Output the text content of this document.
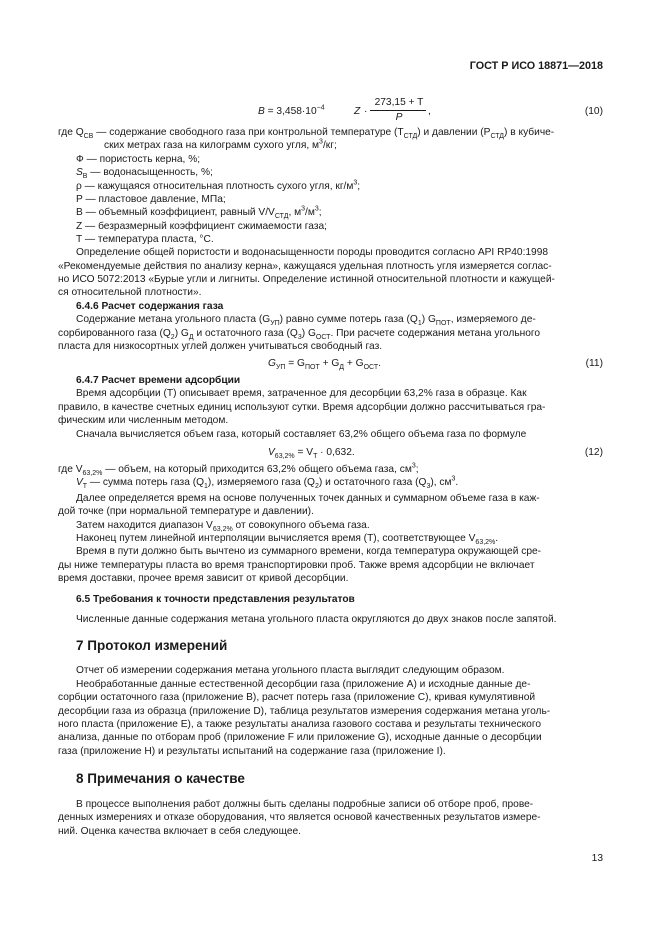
ГОСТ Р ИСО 18871—2018
$B = 3,458\cdot 10^{-4}$	Z ·
273,15 + T
P
,	(10)
где $Q_{СВ}$ — содержание свободного газа при контрольной температуре $(T_{СТД})$ и давлении $(P_{СТД})$ в кубиче-
ских метрах газа на килограмм сухого угля, $м^3/кг$;
Ф — пористость керна, %;
$S_В$ — водонасыщенность, %;
ρ — кажущаяся относительная плотность сухого угля, $кг/м^3$;
P — пластовое давление, МПа;
B — объемный коэффициент, равный $V/V_{СТД}$, $м^3/м^3$;
Z — безразмерный коэффициент сжимаемости газа;
T — температура пласта, °С.
Определение общей пористости и водонасыщенности породы проводится согласно API RP40:1998
«Рекомендуемые действия по анализу керна», кажущаяся удельная плотность угля измеряется соглас-
но ИСО 5072:2013 «Бурые угли и лигниты. Определение истинной относительной плотности и кажущей-
ся относительной плотности».
6.4.6 Расчет содержания газа
Содержание метана угольного пласта $(G_{УП})$ равно сумме потерь газа $(Q_1)$ $G_{ПОТ}$, измеряемого де-
сорбированного газа $(Q_2)$ $G_Д$ и остаточного газа $(Q_3)$ $G_{ОСТ}$. При расчете содержания метана угольного
пласта для низкосортных углей должен учитываться свободный газ.
$G_{УП} = G_{ПОТ} + G_Д + G_{ОСТ}$.	(11)
6.4.7 Расчет времени адсорбции
Время адсорбции (T) описывает время, затраченное для десорбции 63,2% газа в образце. Как
правило, в качестве счетных единиц используют сутки. Время адсорбции должно рассчитываться гра-
фическим или численным методом.
Сначала вычисляется объем газа, который составляет 63,2% общего объема газа по формуле
$V_{63,2\%} = V_Т \cdot 0,632$.	(12)
где $V_{63,2\%}$ — объем, на который приходится 63,2% общего объема газа, $см^3$;
$V_Т$ — сумма потерь газа $(Q_1)$, измеряемого газа $(Q_2)$ и остаточного газа $(Q_3)$, $см^3$.
Далее определяется время на основе полученных точек данных и суммарном объеме газа в каж-
дой точке (при нормальной температуре и давлении).
Затем находится диапазон $V_{63,2\%}$ от совокупного объема газа.
Наконец путем линейной интерполяции вычисляется время (T), соответствующее $V_{63,2\%}$.
Время в пути должно быть вычтено из суммарного времени, когда температура окружающей сре-
ды ниже температуры пласта во время транспортировки проб. Также время адсорбции не включает
время доставки, прочее время зависит от кривой десорбции.
6.5 Требования к точности представления результатов
Численные данные содержания метана угольного пласта округляются до двух знаков после запятой.
7 Протокол измерений
Отчет об измерении содержания метана угольного пласта выглядит следующим образом.
Необработанные данные естественной десорбции газа (приложение А) и исходные данные де-
сорбции остаточного газа (приложение В), расчет потерь газа (приложение С), кривая кумулятивной
десорбции газа из образца (приложение D), таблица результатов измерения содержания метана уголь-
ного пласта (приложение Е), а также результаты анализа газового состава и результаты технического
анализа, данные по отборам проб (приложение F или приложение G), исходные данные о десорбции
газа (приложение Н) и результаты испытаний на содержание газа (приложение I).
8 Примечания о качестве
В процессе выполнения работ должны быть сделаны подробные записи об отборе проб, прове-
денных измерениях и отказе оборудования, что является основой качественных результатов измере-
ний. Оценка качества включает в себя следующее.
13
